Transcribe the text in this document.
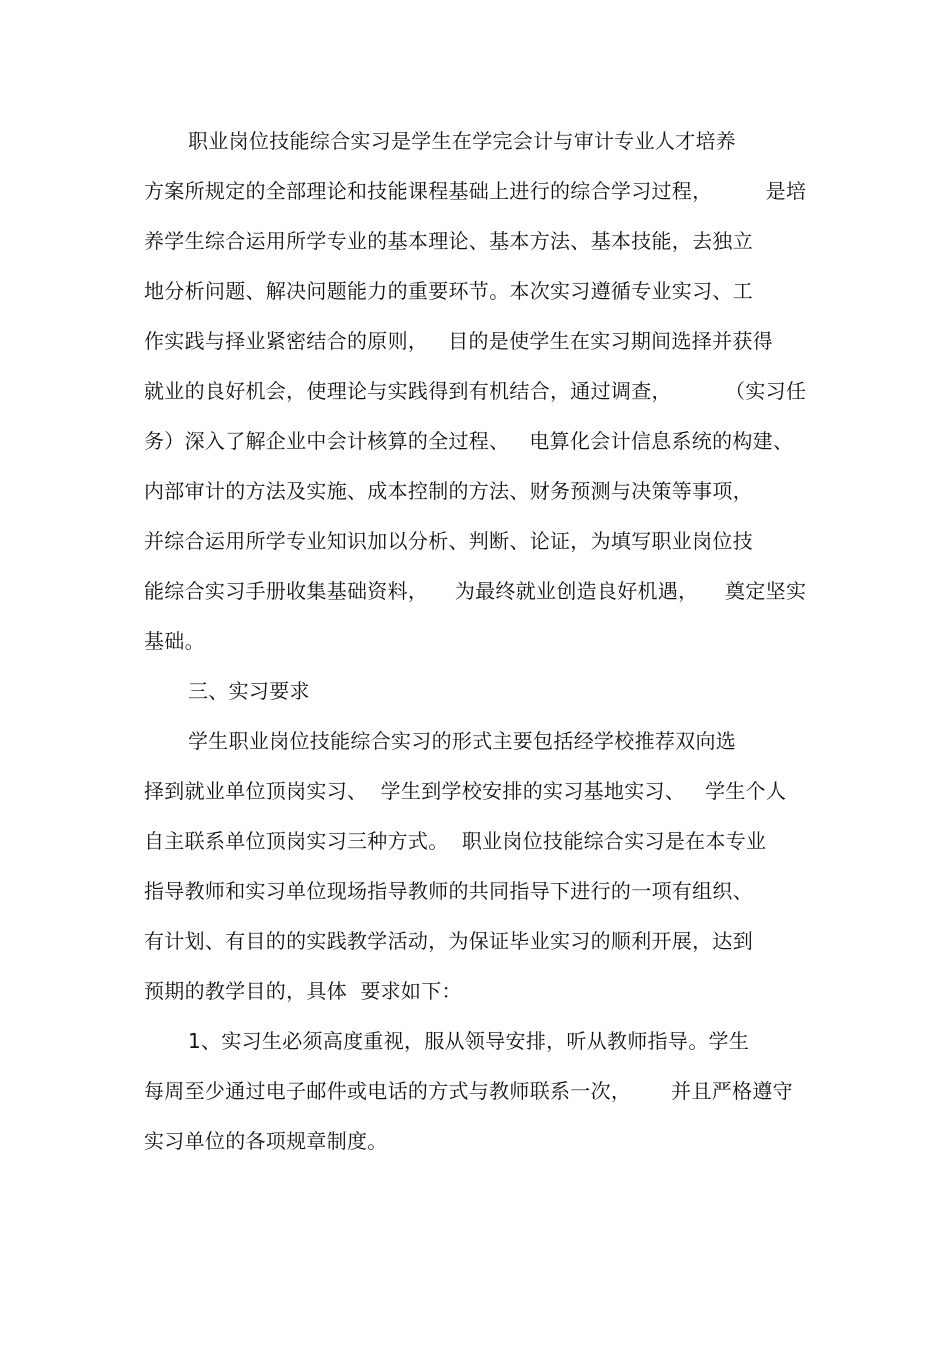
职业岗位技能综合实习是学生在学完会计与审计专业人才培养
方案所规定的全部理论和技能课程基础上进行的综合学习过程，        是培
养学生综合运用所学专业的基本理论、基本方法、基本技能，去独立
地分析问题、解决问题能力的重要环节。本次实习遵循专业实习、工
作实践与择业紧密结合的原则，   目的是使学生在实习期间选择并获得
就业的良好机会，使理论与实践得到有机结合，通过调查，        （实习任
务）深入了解企业中会计核算的全过程、   电算化会计信息系统的构建、
内部审计的方法及实施、成本控制的方法、财务预测与决策等事项，
并综合运用所学专业知识加以分析、判断、论证，为填写职业岗位技
能综合实习手册收集基础资料，    为最终就业创造良好机遇，    奠定坚实
基础。
三、实习要求
学生职业岗位技能综合实习的形式主要包括经学校推荐双向选
择到就业单位顶岗实习、  学生到学校安排的实习基地实习、   学生个人
自主联系单位顶岗实习三种方式。  职业岗位技能综合实习是在本专业
指导教师和实习单位现场指导教师的共同指导下进行的一项有组织、
有计划、有目的的实践教学活动，为保证毕业实习的顺利开展，达到
预期的教学目的，具体  要求如下：
1、实习生必须高度重视，服从领导安排，听从教师指导。学生
每周至少通过电子邮件或电话的方式与教师联系一次，      并且严格遵守
实习单位的各项规章制度。
